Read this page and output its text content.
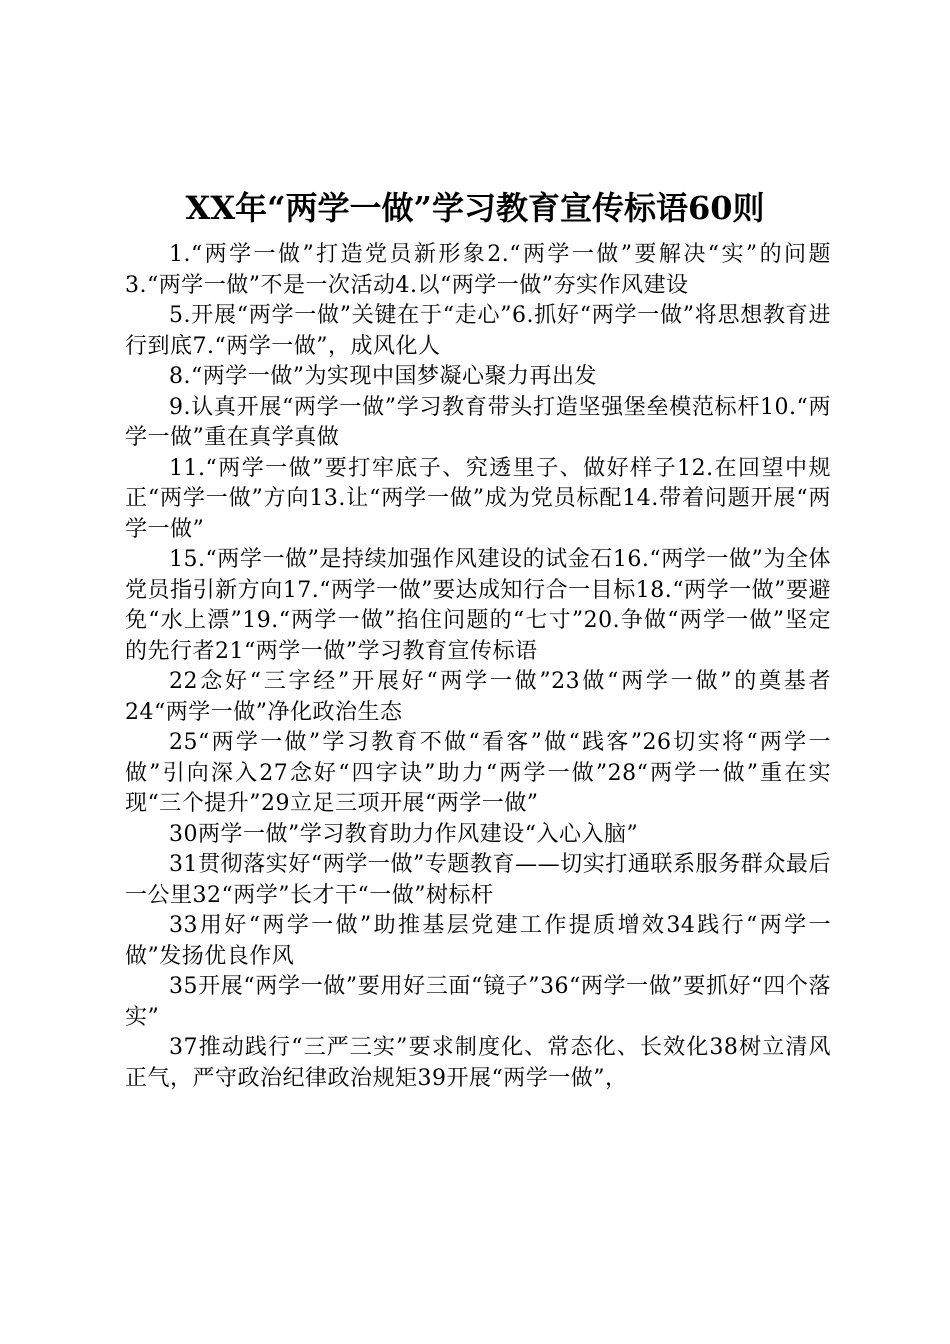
XX年“两学一做”学习教育宣传标语60则

1.“两学一做”打造党员新形象2.“两学一做”要解决“实”的问题3.“两学一做”不是一次活动4.以“两学一做”夯实作风建设

5.开展“两学一做”关键在于“走心”6.抓好“两学一做”将思想教育进行到底7.“两学一做”，成风化人

8.“两学一做”为实现中国梦凝心聚力再出发

9.认真开展“两学一做”学习教育带头打造坚强堡垒模范标杆10.“两学一做”重在真学真做

11.“两学一做”要打牢底子、究透里子、做好样子12.在回望中规正“两学一做”方向13.让“两学一做”成为党员标配14.带着问题开展“两学一做”

15.“两学一做”是持续加强作风建设的试金石16.“两学一做”为全体党员指引新方向17.“两学一做”要达成知行合一目标18.“两学一做”要避免“水上漂”19.“两学一做”掐住问题的“七寸”20.争做“两学一做”坚定的先行者21“两学一做”学习教育宣传标语

22念好“三字经”开展好“两学一做”23做“两学一做”的奠基者24“两学一做”净化政治生态

25“两学一做”学习教育不做“看客”做“践客”26切实将“两学一做”引向深入27念好“四字诀”助力“两学一做”28“两学一做”重在实现“三个提升”29立足三项开展“两学一做”

30两学一做”学习教育助力作风建设“入心入脑”

31贯彻落实好“两学一做”专题教育——切实打通联系服务群众最后一公里32“两学”长才干“一做”树标杆

33用好“两学一做”助推基层党建工作提质增效34践行“两学一做”发扬优良作风

35开展“两学一做”要用好三面“镜子”36“两学一做”要抓好“四个落实”

37推动践行“三严三实”要求制度化、常态化、长效化38树立清风正气，严守政治纪律政治规矩39开展“两学一做”，
